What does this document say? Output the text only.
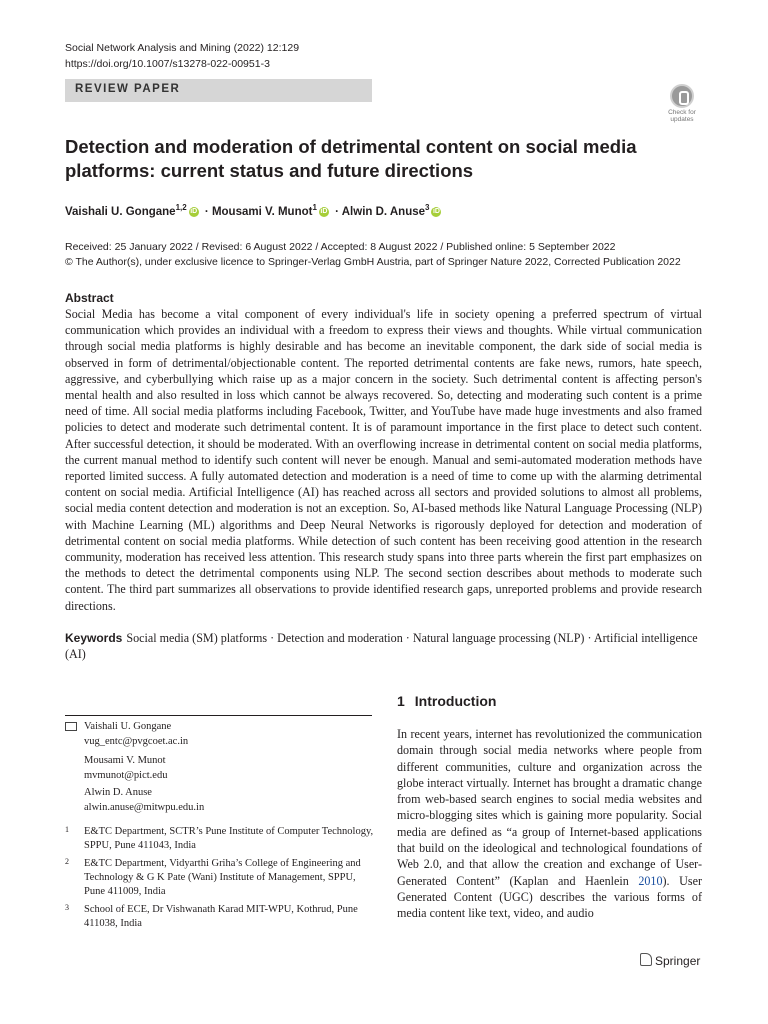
Social Network Analysis and Mining (2022) 12:129
https://doi.org/10.1007/s13278-022-00951-3
REVIEW PAPER
Check for
updates
Detection and moderation of detrimental content on social media platforms: current status and future directions
Vaishali U. Gongane$^{1,2}$ iD · Mousami V. Munot$^1$ iD · Alwin D. Anuse$^3$ iD
Received: 25 January 2022 / Revised: 6 August 2022 / Accepted: 8 August 2022 / Published online: 5 September 2022
© The Author(s), under exclusive licence to Springer-Verlag GmbH Austria, part of Springer Nature 2022, Corrected Publication 2022
Abstract
Social Media has become a vital component of every individual's life in society opening a preferred spectrum of virtual communication which provides an individual with a freedom to express their views and thoughts. While virtual communication through social media platforms is highly desirable and has become an inevitable component, the dark side of social media is observed in form of detrimental/objectionable content. The reported detrimental contents are fake news, rumors, hate speech, aggressive, and cyberbullying which raise up as a major concern in the society. Such detrimental content is affecting person's mental health and also resulted in loss which cannot be always recovered. So, detecting and moderating such content is a prime need of time. All social media platforms including Facebook, Twitter, and YouTube have made huge investments and also framed policies to detect and moderate such detrimental content. It is of paramount importance in the first place to detect such content. After successful detection, it should be moderated. With an overflowing increase in detrimental content on social media platforms, the current manual method to identify such content will never be enough. Manual and semi-automated moderation methods have reported limited success. A fully automated detection and moderation is a need of time to come up with the alarming detrimental content on social media. Artificial Intelligence (AI) has reached across all sectors and provided solutions to almost all problems, social media content detection and moderation is not an exception. So, AI-based methods like Natural Language Processing (NLP) with Machine Learning (ML) algorithms and Deep Neural Networks is rigorously deployed for detection and moderation of detrimental content on social media platforms. While detection of such content has been receiving good attention in the research community, moderation has received less attention. This research study spans into three parts wherein the first part emphasizes on the methods to detect the detrimental components using NLP. The second section describes about methods to moderate such content. The third part summarizes all observations to provide identified research gaps, unreported problems and provide research directions.
Keywords Social media (SM) platforms · Detection and moderation · Natural language processing (NLP) · Artificial intelligence (AI)
1 Introduction
In recent years, internet has revolutionized the communication domain through social media networks where people from different communities, culture and organization across the globe interact virtually. Internet has brought a dramatic change from web-based search engines to social media websites and micro-blogging sites which is gaining more popularity. Social media are defined as “a group of Internet-based applications that build on the ideological and technological foundations of Web 2.0, and that allow the creation and exchange of User-Generated Content” (Kaplan and Haenlein 2010). User Generated Content (UGC) describes the various forms of media content like text, video, and audio
Vaishali U. Gongane
vug_entc@pvgcoet.ac.in
Mousami V. Munot
mvmunot@pict.edu
Alwin D. Anuse
alwin.anuse@mitwpu.edu.in
1 E&TC Department, SCTR’s Pune Institute of Computer Technology, SPPU, Pune 411043, India
2 E&TC Department, Vidyarthi Griha’s College of Engineering and Technology & G K Pate (Wani) Institute of Management, SPPU, Pune 411009, India
3 School of ECE, Dr Vishwanath Karad MIT-WPU, Kothrud, Pune 411038, India
Springer
